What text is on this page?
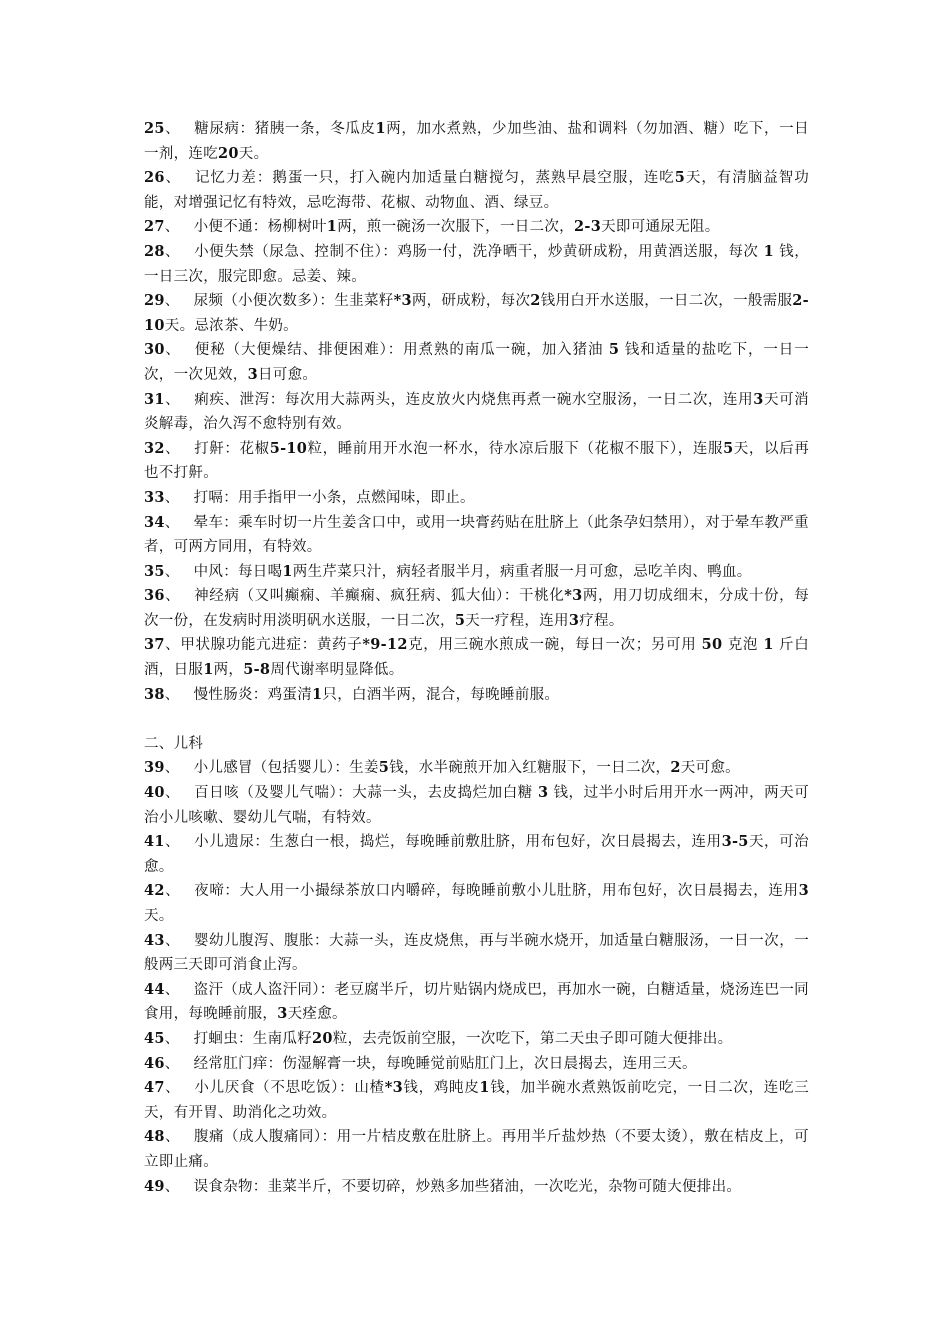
25、 糖尿病：猪胰一条，冬瓜皮1两，加水煮熟，少加些油、盐和调料（勿加酒、糖）吃下，一日一剂，连吃20天。
26、 记忆力差：鹅蛋一只，打入碗内加适量白糖搅匀，蒸熟早晨空服，连吃5天，有清脑益智功能，对增强记忆有特效，忌吃海带、花椒、动物血、酒、绿豆。
27、 小便不通：杨柳树叶1两，煎一碗汤一次服下，一日二次，2-3天即可通尿无阻。
28、 小便失禁（尿急、控制不住）：鸡肠一付，洗净晒干，炒黄研成粉，用黄酒送服，每次 1 钱，一日三次，服完即愈。忌姜、辣。
29、 尿频（小便次数多）：生韭菜籽*3两，研成粉，每次2钱用白开水送服，一日二次，一般需服2-10天。忌浓茶、牛奶。
30、 便秘（大便燥结、排便困难）：用煮熟的南瓜一碗，加入猪油 5 钱和适量的盐吃下，一日一次，一次见效，3日可愈。
31、 痢疾、泄泻：每次用大蒜两头，连皮放火内烧焦再煮一碗水空服汤，一日二次，连用3天可消炎解毒，治久泻不愈特别有效。
32、 打鼾：花椒5-10粒，睡前用开水泡一杯水，待水凉后服下（花椒不服下），连服5天，以后再也不打鼾。
33、 打嗝：用手指甲一小条，点燃闻味，即止。
34、 晕车：乘车时切一片生姜含口中，或用一块膏药贴在肚脐上（此条孕妇禁用），对于晕车教严重者，可两方同用，有特效。
35、 中风：每日喝1两生芹菜只汁，病轻者服半月，病重者服一月可愈，忌吃羊肉、鸭血。
36、 神经病（又叫癫痫、羊癫痫、疯狂病、狐大仙）：干桃化*3两，用刀切成细末，分成十份，每次一份，在发病时用淡明矾水送服，一日二次，5天一疗程，连用3疗程。
37、甲状腺功能亢进症：黄药子*9-12克，用三碗水煎成一碗，每日一次；另可用 50 克泡 1 斤白酒，日服1两，5-8周代谢率明显降低。
38、 慢性肠炎：鸡蛋清1只，白酒半两，混合，每晚睡前服。
二、儿科
39、 小儿感冒（包括婴儿）：生姜5钱，水半碗煎开加入红糖服下，一日二次，2天可愈。
40、 百日咳（及婴儿气喘）：大蒜一头，去皮捣烂加白糖 3 钱，过半小时后用开水一两冲，两天可治小儿咳嗽、婴幼儿气喘，有特效。
41、 小儿遗尿：生葱白一根，捣烂，每晚睡前敷肚脐，用布包好，次日晨揭去，连用3-5天，可治愈。
42、 夜啼：大人用一小撮绿茶放口内嚼碎，每晚睡前敷小儿肚脐，用布包好，次日晨揭去，连用3天。
43、 婴幼儿腹泻、腹胀：大蒜一头，连皮烧焦，再与半碗水烧开，加适量白糖服汤，一日一次，一般两三天即可消食止泻。
44、 盗汗（成人盗汗同）：老豆腐半斤，切片贴锅内烧成巴，再加水一碗，白糖适量，烧汤连巴一同食用，每晚睡前服，3天痊愈。
45、 打蛔虫：生南瓜籽20粒，去壳饭前空服，一次吃下，第二天虫子即可随大便排出。
46、 经常肛门痒：伤湿解膏一块，每晚睡觉前贴肛门上，次日晨揭去，连用三天。
47、 小儿厌食（不思吃饭）：山楂*3钱，鸡盹皮1钱，加半碗水煮熟饭前吃完，一日二次，连吃三天，有开胃、助消化之功效。
48、 腹痛（成人腹痛同）：用一片桔皮敷在肚脐上。再用半斤盐炒热（不要太烫），敷在桔皮上，可立即止痛。
49、 误食杂物：韭菜半斤，不要切碎，炒熟多加些猪油，一次吃光，杂物可随大便排出。
